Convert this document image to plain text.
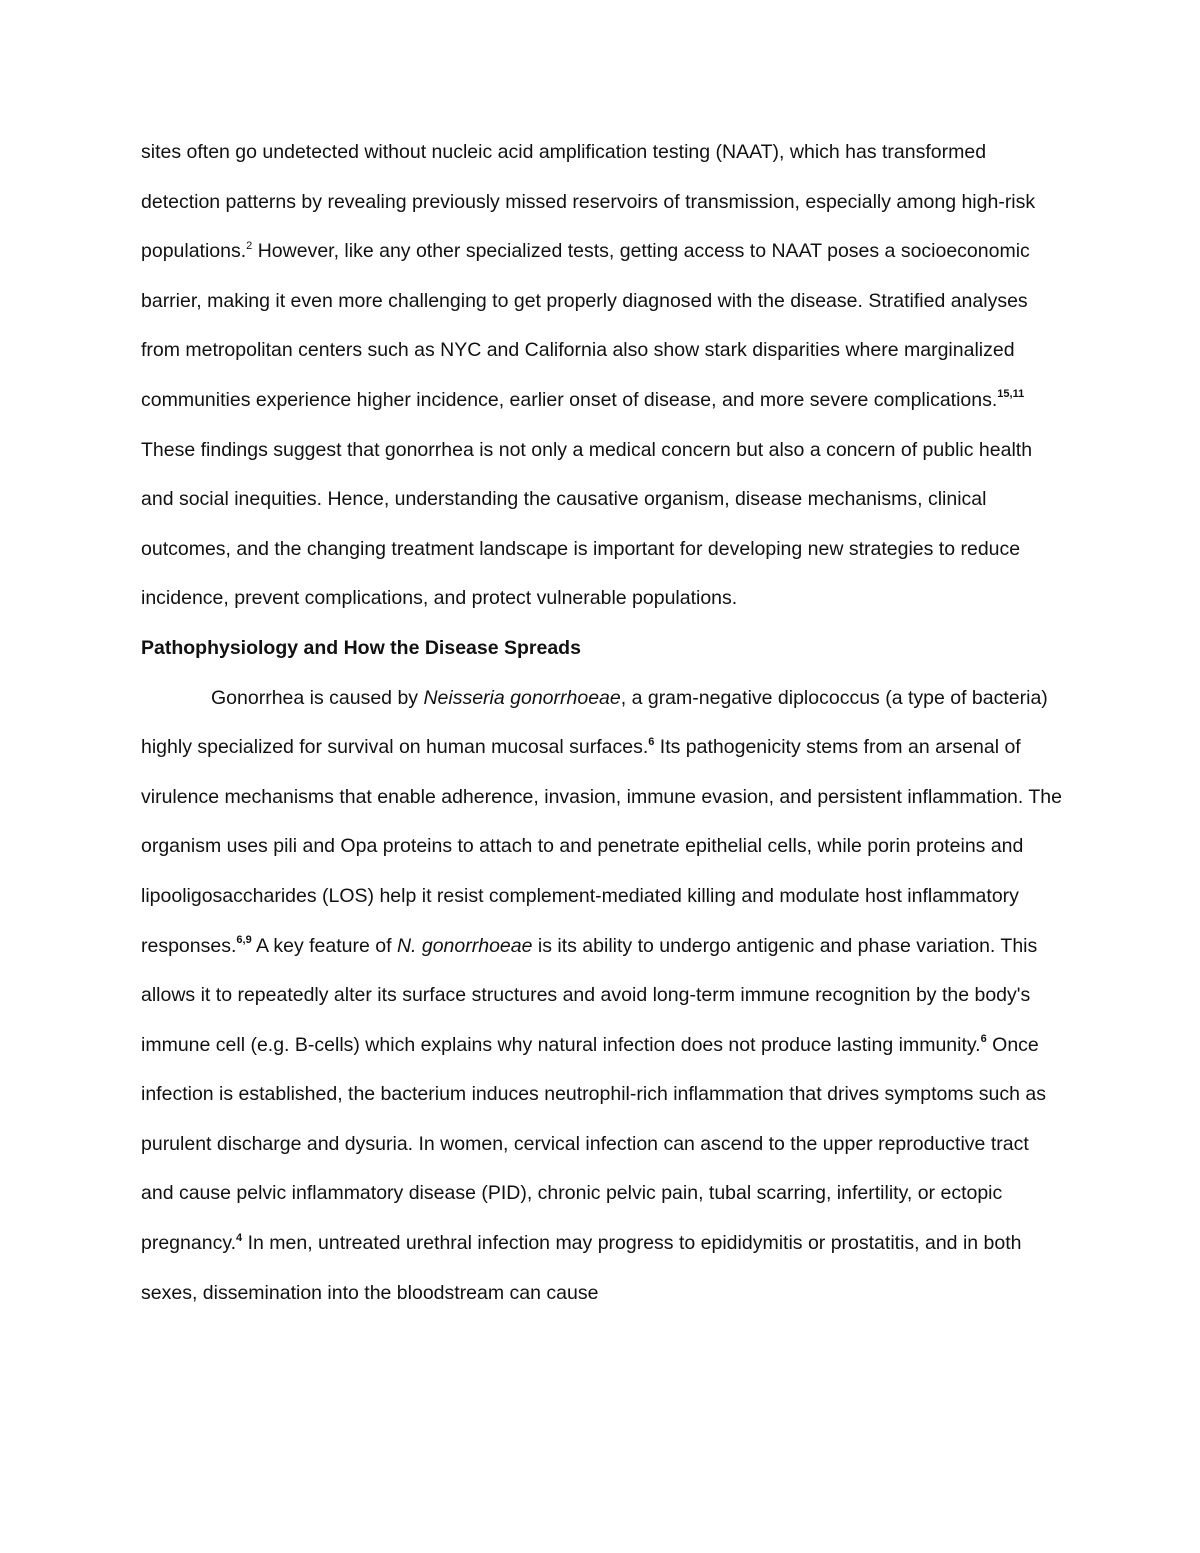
sites often go undetected without nucleic acid amplification testing (NAAT), which has transformed detection patterns by revealing previously missed reservoirs of transmission, especially among high-risk populations.$^2$ However, like any other specialized tests, getting access to NAAT poses a socioeconomic barrier, making it even more challenging to get properly diagnosed with the disease. Stratified analyses from metropolitan centers such as NYC and California also show stark disparities where marginalized communities experience higher incidence, earlier onset of disease, and more severe complications.$^{15,11}$ These findings suggest that gonorrhea is not only a medical concern but also a concern of public health and social inequities. Hence, understanding the causative organism, disease mechanisms, clinical outcomes, and the changing treatment landscape is important for developing new strategies to reduce incidence, prevent complications, and protect vulnerable populations.

Pathophysiology and How the Disease Spreads

Gonorrhea is caused by Neisseria gonorrhoeae, a gram-negative diplococcus (a type of bacteria) highly specialized for survival on human mucosal surfaces.$^6$ Its pathogenicity stems from an arsenal of virulence mechanisms that enable adherence, invasion, immune evasion, and persistent inflammation. The organism uses pili and Opa proteins to attach to and penetrate epithelial cells, while porin proteins and lipooligosaccharides (LOS) help it resist complement-mediated killing and modulate host inflammatory responses.$^{6,9}$ A key feature of N. gonorrhoeae is its ability to undergo antigenic and phase variation. This allows it to repeatedly alter its surface structures and avoid long-term immune recognition by the body's immune cell (e.g. B-cells) which explains why natural infection does not produce lasting immunity.$^6$ Once infection is established, the bacterium induces neutrophil-rich inflammation that drives symptoms such as purulent discharge and dysuria. In women, cervical infection can ascend to the upper reproductive tract and cause pelvic inflammatory disease (PID), chronic pelvic pain, tubal scarring, infertility, or ectopic pregnancy.$^4$ In men, untreated urethral infection may progress to epididymitis or prostatitis, and in both sexes, dissemination into the bloodstream can cause
